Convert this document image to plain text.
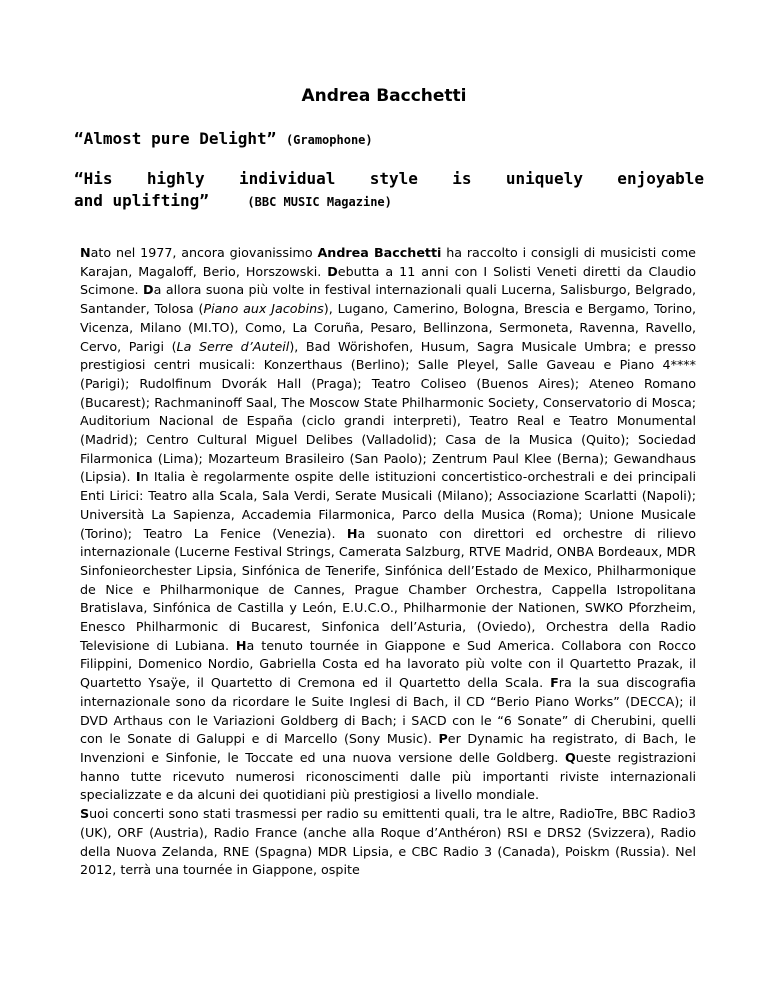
Andrea Bacchetti
“Almost pure Delight” (Gramophone)
“His highly individual style is uniquely enjoyable
and uplifting”	(BBC MUSIC Magazine)

Nato nel 1977, ancora giovanissimo Andrea Bacchetti ha raccolto i consigli di musicisti come Karajan, Magaloff, Berio, Horszowski. Debutta a 11 anni con I Solisti Veneti diretti da Claudio Scimone. Da allora suona più volte in festival internazionali quali Lucerna, Salisburgo, Belgrado, Santander, Tolosa (Piano aux Jacobins), Lugano, Camerino, Bologna, Brescia e Bergamo, Torino, Vicenza, Milano (MI.TO), Como, La Coruña, Pesaro, Bellinzona, Sermoneta, Ravenna, Ravello, Cervo, Parigi (La Serre d’Auteil), Bad Wörishofen, Husum, Sagra Musicale Umbra; e presso prestigiosi centri musicali: Konzerthaus (Berlino); Salle Pleyel, Salle Gaveau e Piano 4**** (Parigi); Rudolfinum Dvorák Hall (Praga); Teatro Coliseo (Buenos Aires); Ateneo Romano (Bucarest); Rachmaninoff Saal, The Moscow State Philharmonic Society, Conservatorio di Mosca; Auditorium Nacional de España (ciclo grandi interpreti), Teatro Real e Teatro Monumental (Madrid); Centro Cultural Miguel Delibes (Valladolid); Casa de la Musica (Quito); Sociedad Filarmonica (Lima); Mozarteum Brasileiro (San Paolo); Zentrum Paul Klee (Berna); Gewandhaus (Lipsia). In Italia è regolarmente ospite delle istituzioni concertistico-orchestrali e dei principali Enti Lirici: Teatro alla Scala, Sala Verdi, Serate Musicali (Milano); Associazione Scarlatti (Napoli); Università La Sapienza, Accademia Filarmonica, Parco della Musica (Roma); Unione Musicale (Torino); Teatro La Fenice (Venezia). Ha suonato con direttori ed orchestre di rilievo internazionale (Lucerne Festival Strings, Camerata Salzburg, RTVE Madrid, ONBA Bordeaux, MDR Sinfonieorchester Lipsia, Sinfónica de Tenerife, Sinfónica dell’Estado de Mexico, Philharmonique de Nice e Philharmonique de Cannes, Prague Chamber Orchestra, Cappella Istropolitana Bratislava, Sinfónica de Castilla y León, E.U.C.O., Philharmonie der Nationen, SWKO Pforzheim, Enesco Philharmonic di Bucarest, Sinfonica dell’Asturia, (Oviedo), Orchestra della Radio Televisione di Lubiana. Ha tenuto tournée in Giappone e Sud America. Collabora con Rocco Filippini, Domenico Nordio, Gabriella Costa ed ha lavorato più volte con il Quartetto Prazak, il Quartetto Ysaÿe, il Quartetto di Cremona ed il Quartetto della Scala. Fra la sua discografia internazionale sono da ricordare le Suite Inglesi di Bach, il CD “Berio Piano Works” (DECCA); il DVD Arthaus con le Variazioni Goldberg di Bach; i SACD con le “6 Sonate” di Cherubini, quelli con le Sonate di Galuppi e di Marcello (Sony Music). Per Dynamic ha registrato, di Bach, le Invenzioni e Sinfonie, le Toccate ed una nuova versione delle Goldberg. Queste registrazioni hanno tutte ricevuto numerosi riconoscimenti dalle più importanti riviste internazionali specializzate e da alcuni dei quotidiani più prestigiosi a livello mondiale.

Suoi concerti sono stati trasmessi per radio su emittenti quali, tra le altre, RadioTre, BBC Radio3 (UK), ORF (Austria), Radio France (anche alla Roque d’Anthéron) RSI e DRS2 (Svizzera), Radio della Nuova Zelanda, RNE (Spagna) MDR Lipsia, e CBC Radio 3 (Canada), Poiskm (Russia). Nel 2012, terrà una tournée in Giappone, ospite
